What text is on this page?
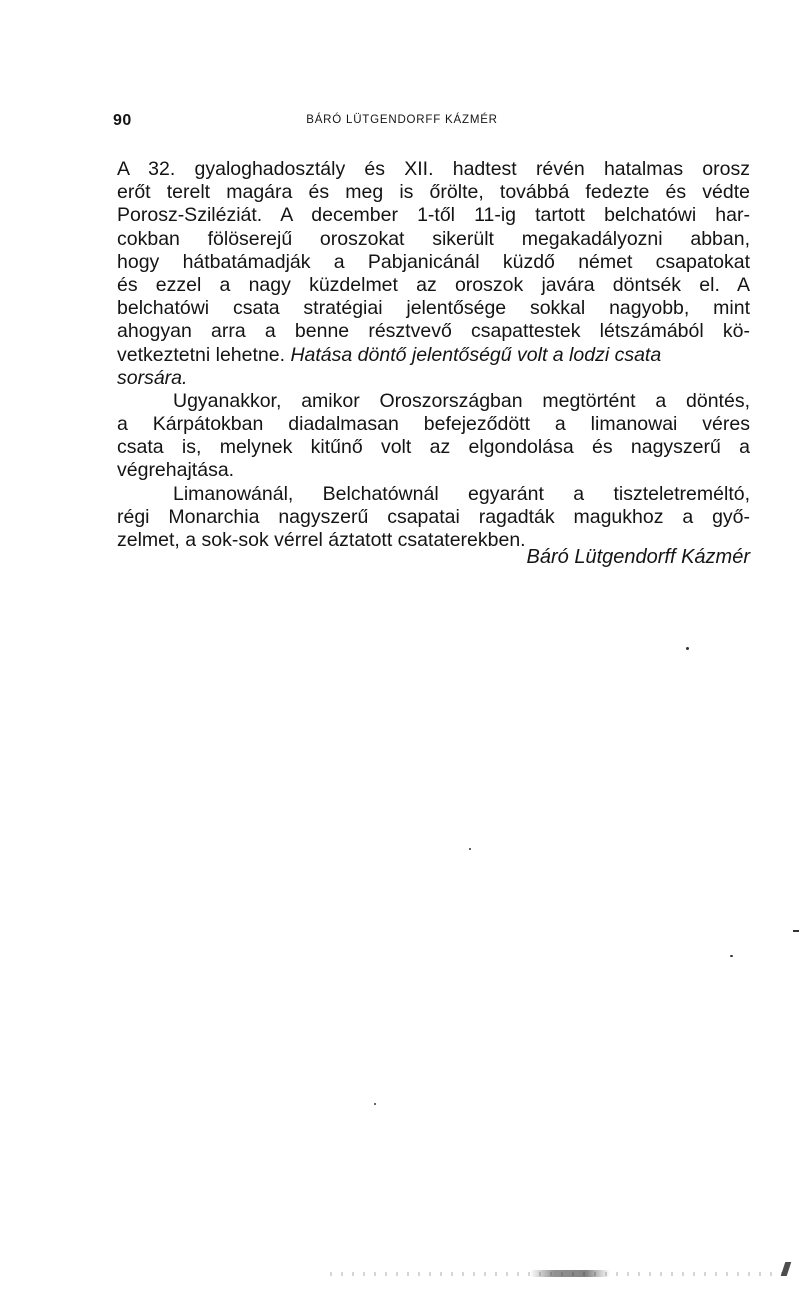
90	BÁRÓ LÜTGENDORFF KÁZMÉR
A 32. gyaloghadosztály és XII. hadtest révén hatalmas orosz
erőt terelt magára és meg is őrölte, továbbá fedezte és védte
Porosz-Sziléziát. A december 1-től 11-ig tartott belchatówi har-
cokban fölöserejű oroszokat sikerült megakadályozni abban,
hogy hátbatámadják a Pabjanicánál küzdő német csapatokat
és ezzel a nagy küzdelmet az oroszok javára döntsék el. A
belchatówi csata stratégiai jelentősége sokkal nagyobb, mint
ahogyan arra a benne résztvevő csapattestek létszámából kö-
vetkeztetni lehetne. Hatása döntő jelentőségű volt a lodzi csata
sorsára.
Ugyanakkor, amikor Oroszországban megtörtént a döntés,
a Kárpátokban diadalmasan befejeződött a limanowai véres
csata is, melynek kitűnő volt az elgondolása és nagyszerű a
végrehajtása.
Limanowánál, Belchatównál egyaránt a tiszteletreméltó,
régi Monarchia nagyszerű csapatai ragadták magukhoz a győ-
zelmet, a sok-sok vérrel áztatott csataterekben.
Báró Lütgendorff Kázmér
